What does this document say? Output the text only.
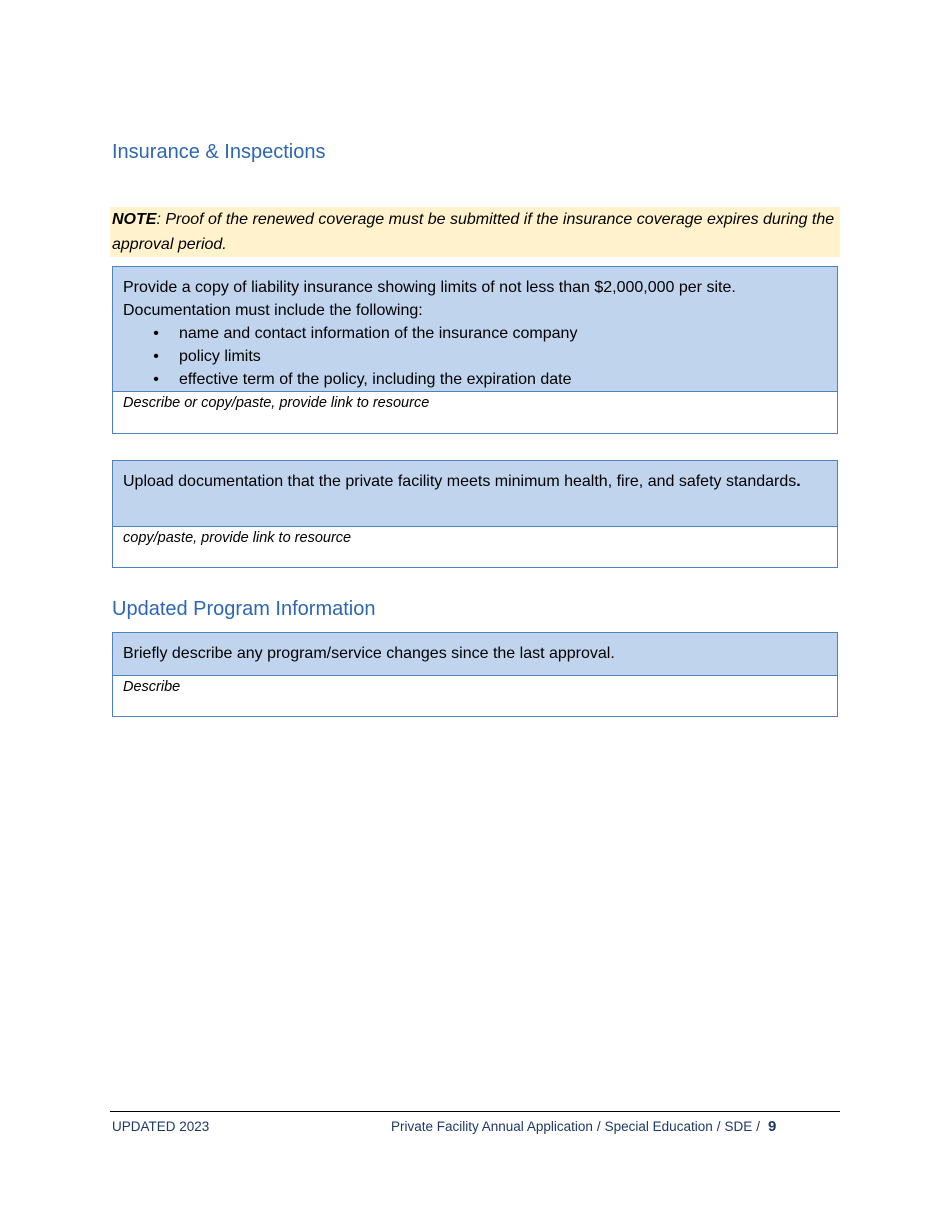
Insurance & Inspections
NOTE: Proof of the renewed coverage must be submitted if the insurance coverage expires during the approval period.
Provide a copy of liability insurance showing limits of not less than $2,000,000 per site.
Documentation must include the following:
• name and contact information of the insurance company
• policy limits
• effective term of the policy, including the expiration date
Describe or copy/paste, provide link to resource
Upload documentation that the private facility meets minimum health, fire, and safety standards.
copy/paste, provide link to resource
Updated Program Information
Briefly describe any program/service changes since the last approval.
Describe
UPDATED 2023	Private Facility Annual Application / Special Education / SDE / 9
